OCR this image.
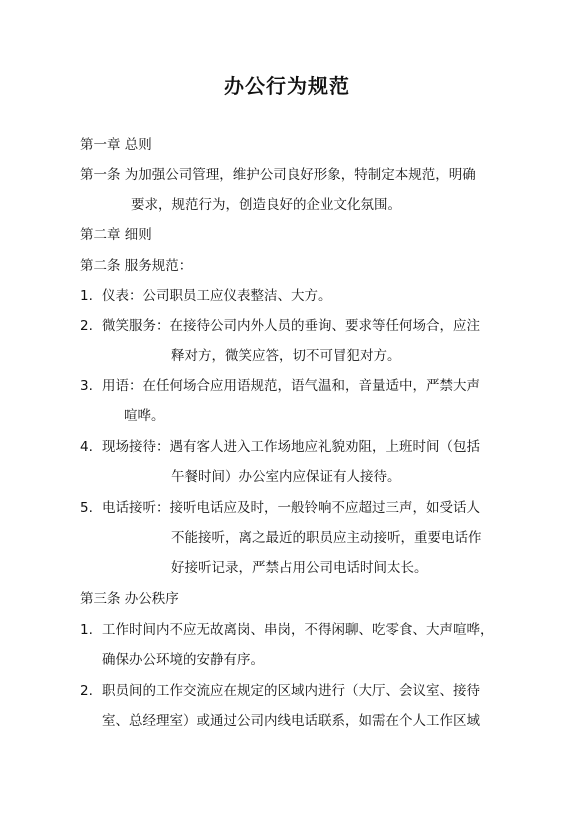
办公行为规范
第一章 总则
第一条 为加强公司管理，维护公司良好形象，特制定本规范，明确
要求，规范行为，创造良好的企业文化氛围。
第二章 细则
第二条 服务规范：
1. 仪表：公司职员工应仪表整洁、大方。
2. 微笑服务：在接待公司内外人员的垂询、要求等任何场合，应注
释对方，微笑应答，切不可冒犯对方。
3. 用语：在任何场合应用语规范，语气温和，音量适中，严禁大声
喧哗。
4. 现场接待：遇有客人进入工作场地应礼貌劝阻，上班时间（包括
午餐时间）办公室内应保证有人接待。
5. 电话接听：接听电话应及时，一般铃响不应超过三声，如受话人
不能接听，离之最近的职员应主动接听，重要电话作
好接听记录，严禁占用公司电话时间太长。
第三条 办公秩序
1. 工作时间内不应无故离岗、串岗，不得闲聊、吃零食、大声喧哗，
确保办公环境的安静有序。
2. 职员间的工作交流应在规定的区域内进行（大厅、会议室、接待
室、总经理室）或通过公司内线电话联系，如需在个人工作区域
